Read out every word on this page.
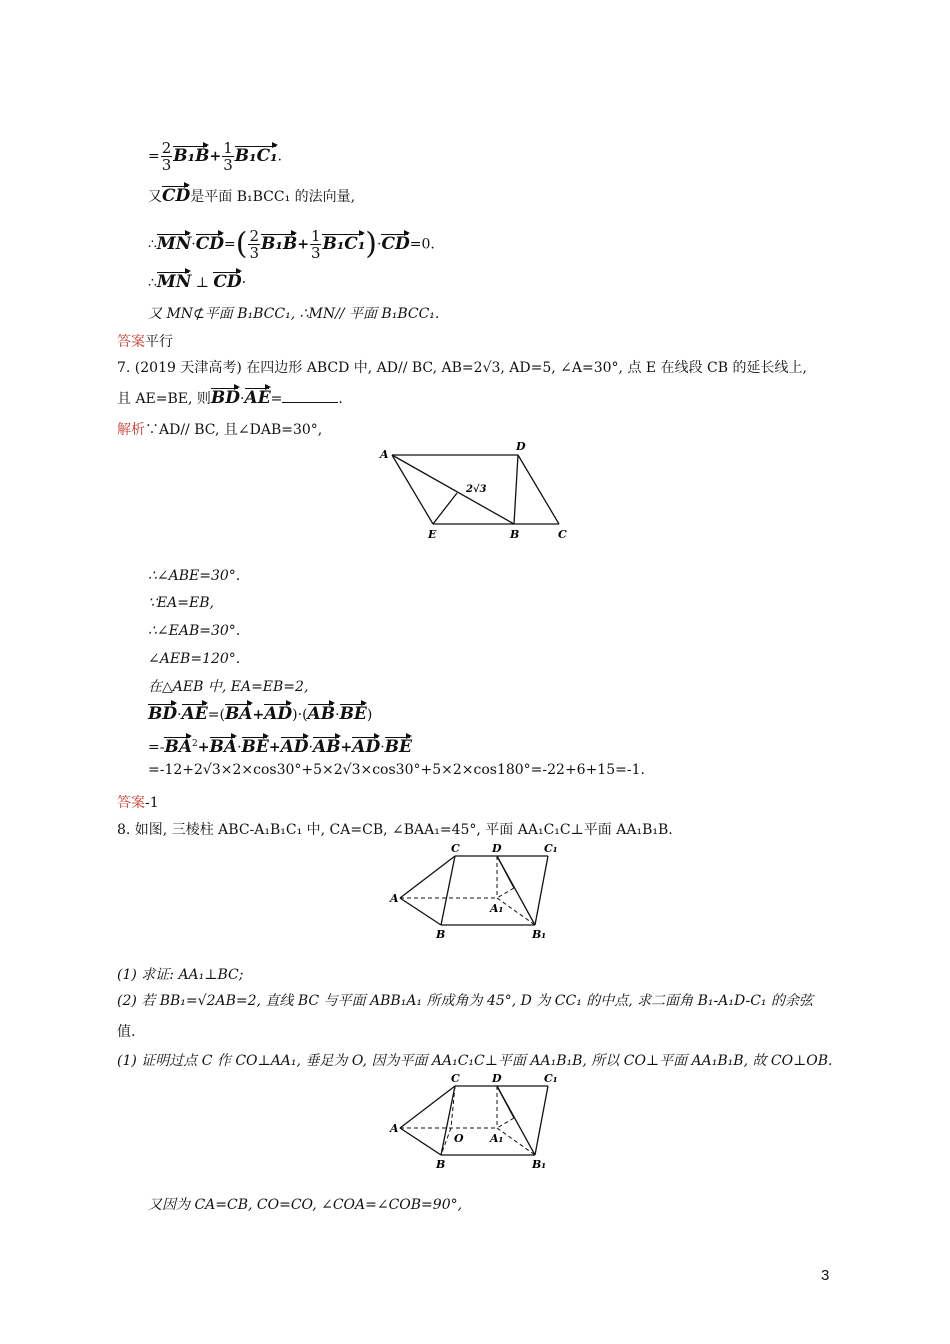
= $\frac{2}{3} B_1B+ \frac{1}{3} B_1C_1$.
又CD是平面 B₁BCC₁ 的法向量,
∴MN·CD=( $\frac{2}{3} B_1B+ \frac{1}{3} B_1C_1)\cdot CD=0$.
∴MN ⊥ CD·
又 MN⊄平面 B₁BCC₁, ∴MN// 平面 B₁BCC₁.
答案平行
7. (2019 天津高考) 在四边形 ABCD 中, AD// BC, AB=2√3, AD=5, ∠A=30°, 点 E 在线段 CB 的延长线上,
且 AE=BE, 则BD·AE=	.
解析∵AD// BC, 且∠DAB=30°,
A
D
E	B	C
2√3
∴∠ABE=30°.
∵EA=EB,
∴∠EAB=30°.
∠AEB=120°.
在△AEB 中, EA=EB=2,
BD·AE=(BA+AD)·(AB·BE)
$=-BA^2+BA\cdot BE+AD\cdot AB+AD\cdot BE$
=-12+2√3×2×cos30°+5×2√3×cos30°+5×2×cos180°=-22+6+15=-1.
答案-1
8. 如图, 三棱柱 ABC-A₁B₁C₁ 中, CA=CB, ∠BAA₁=45°, 平面 AA₁C₁C⊥平面 AA₁B₁B.
C	D	C₁
A
A₁
B	B₁
(1) 求证: AA₁⊥BC;
(2) 若 BB₁=√2AB=2, 直线 BC 与平面 ABB₁A₁ 所成角为 45°, D 为 CC₁ 的中点, 求二面角 B₁-A₁D-C₁ 的余弦
值.
(1) 证明过点 C 作 CO⊥AA₁, 垂足为 O, 因为平面 AA₁C₁C⊥平面 AA₁B₁B, 所以 CO⊥平面 AA₁B₁B, 故 CO⊥OB.
C	D	C₁
A
O A₁
B	B₁
又因为 CA=CB, CO=CO, ∠COA=∠COB=90°,
3
